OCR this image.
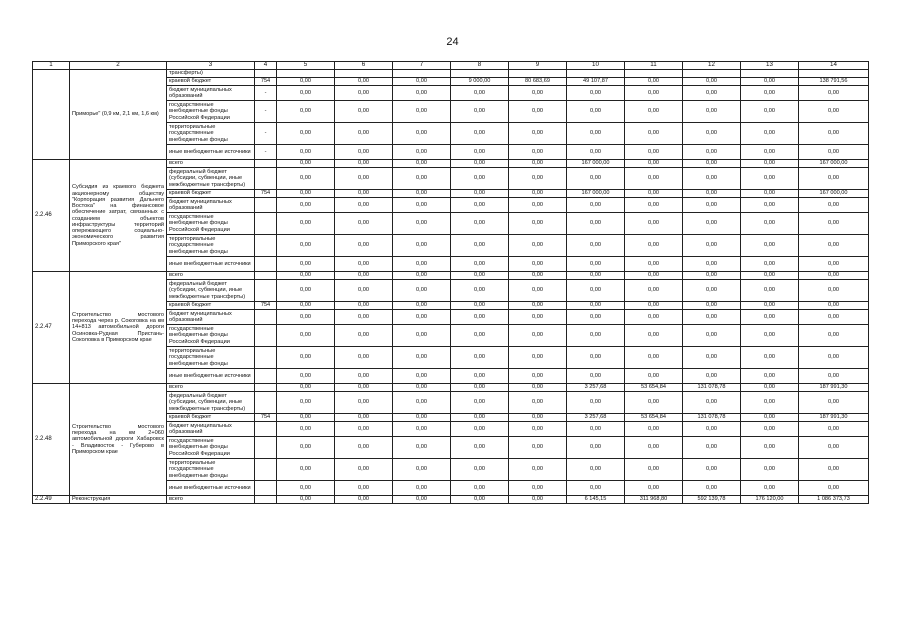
24
1	2	3	4	5	6	7	8	9	10	11	12	13	14
	Приморье" (0,9 км, 2,1 км, 1,6 км)	трансферты)											
		краевой бюджет	754	0,00	0,00	0,00	9 000,00	80 683,69	49 107,87	0,00	0,00	0,00	138 791,56
		бюджет муниципальных образований	-	0,00	0,00	0,00	0,00	0,00	0,00	0,00	0,00	0,00	0,00
		государственные внебюджетные фонды Российской Федерации	-	0,00	0,00	0,00	0,00	0,00	0,00	0,00	0,00	0,00	0,00
		территориальные государственные внебюджетные фонды	-	0,00	0,00	0,00	0,00	0,00	0,00	0,00	0,00	0,00	0,00
		иные внебюджетные источники	-	0,00	0,00	0,00	0,00	0,00	0,00	0,00	0,00	0,00	0,00
2.2.46	Субсидия из краевого бюджета акционерному обществу "Корпорация развития Дальнего Востока" на финансовое обеспечение затрат, связанных с созданием объектов инфраструктуры территорий опережающего социально-экономического развития Приморского края"	всего		0,00	0,00	0,00	0,00	0,00	167 000,00	0,00	0,00	0,00	167 000,00
		федеральный бюджет (субсидии, субвенции, иные межбюджетные трансферты)		0,00	0,00	0,00	0,00	0,00	0,00	0,00	0,00	0,00	0,00
		краевой бюджет	754	0,00	0,00	0,00	0,00	0,00	167 000,00	0,00	0,00	0,00	167 000,00
		бюджет муниципальных образований		0,00	0,00	0,00	0,00	0,00	0,00	0,00	0,00	0,00	0,00
		государственные внебюджетные фонды Российской Федерации		0,00	0,00	0,00	0,00	0,00	0,00	0,00	0,00	0,00	0,00
		территориальные государственные внебюджетные фонды		0,00	0,00	0,00	0,00	0,00	0,00	0,00	0,00	0,00	0,00
		иные внебюджетные источники		0,00	0,00	0,00	0,00	0,00	0,00	0,00	0,00	0,00	0,00
2.2.47	Строительство мостового перехода через р. Сокоговка на км 14+813 автомобильной дороги Осиновка-Рудная Пристань-Соколовка в Приморском крае	всего		0,00	0,00	0,00	0,00	0,00	0,00	0,00	0,00	0,00	0,00
		федеральный бюджет (субсидии, субвенции, иные межбюджетные трансферты)		0,00	0,00	0,00	0,00	0,00	0,00	0,00	0,00	0,00	0,00
		краевой бюджет	754	0,00	0,00	0,00	0,00	0,00	0,00	0,00	0,00	0,00	0,00
		бюджет муниципальных образований		0,00	0,00	0,00	0,00	0,00	0,00	0,00	0,00	0,00	0,00
		государственные внебюджетные фонды Российской Федерации		0,00	0,00	0,00	0,00	0,00	0,00	0,00	0,00	0,00	0,00
		территориальные государственные внебюджетные фонды		0,00	0,00	0,00	0,00	0,00	0,00	0,00	0,00	0,00	0,00
		иные внебюджетные источники		0,00	0,00	0,00	0,00	0,00	0,00	0,00	0,00	0,00	0,00
2.2.48	Строительство мостового перехода на км 2+060 автомобильной дороги Хабаровск - Владивосток - Губерово в Приморском крае	всего		0,00	0,00	0,00	0,00	0,00	3 257,68	53 654,84	131 078,78	0,00	187 991,30
		федеральный бюджет (субсидии, субвенции, иные межбюджетные трансферты)		0,00	0,00	0,00	0,00	0,00	0,00	0,00	0,00	0,00	0,00
		краевой бюджет	754	0,00	0,00	0,00	0,00	0,00	3 257,68	53 654,84	131 078,78	0,00	187 991,30
		бюджет муниципальных образований		0,00	0,00	0,00	0,00	0,00	0,00	0,00	0,00	0,00	0,00
		государственные внебюджетные фонды Российской Федерации		0,00	0,00	0,00	0,00	0,00	0,00	0,00	0,00	0,00	0,00
		территориальные государственные внебюджетные фонды		0,00	0,00	0,00	0,00	0,00	0,00	0,00	0,00	0,00	0,00
		иные внебюджетные источники		0,00	0,00	0,00	0,00	0,00	0,00	0,00	0,00	0,00	0,00
2.2.49	Реконструкция	всего		0,00	0,00	0,00	0,00	0,00	6 145,15	311 968,80	592 139,78	176 120,00	1 086 373,73
